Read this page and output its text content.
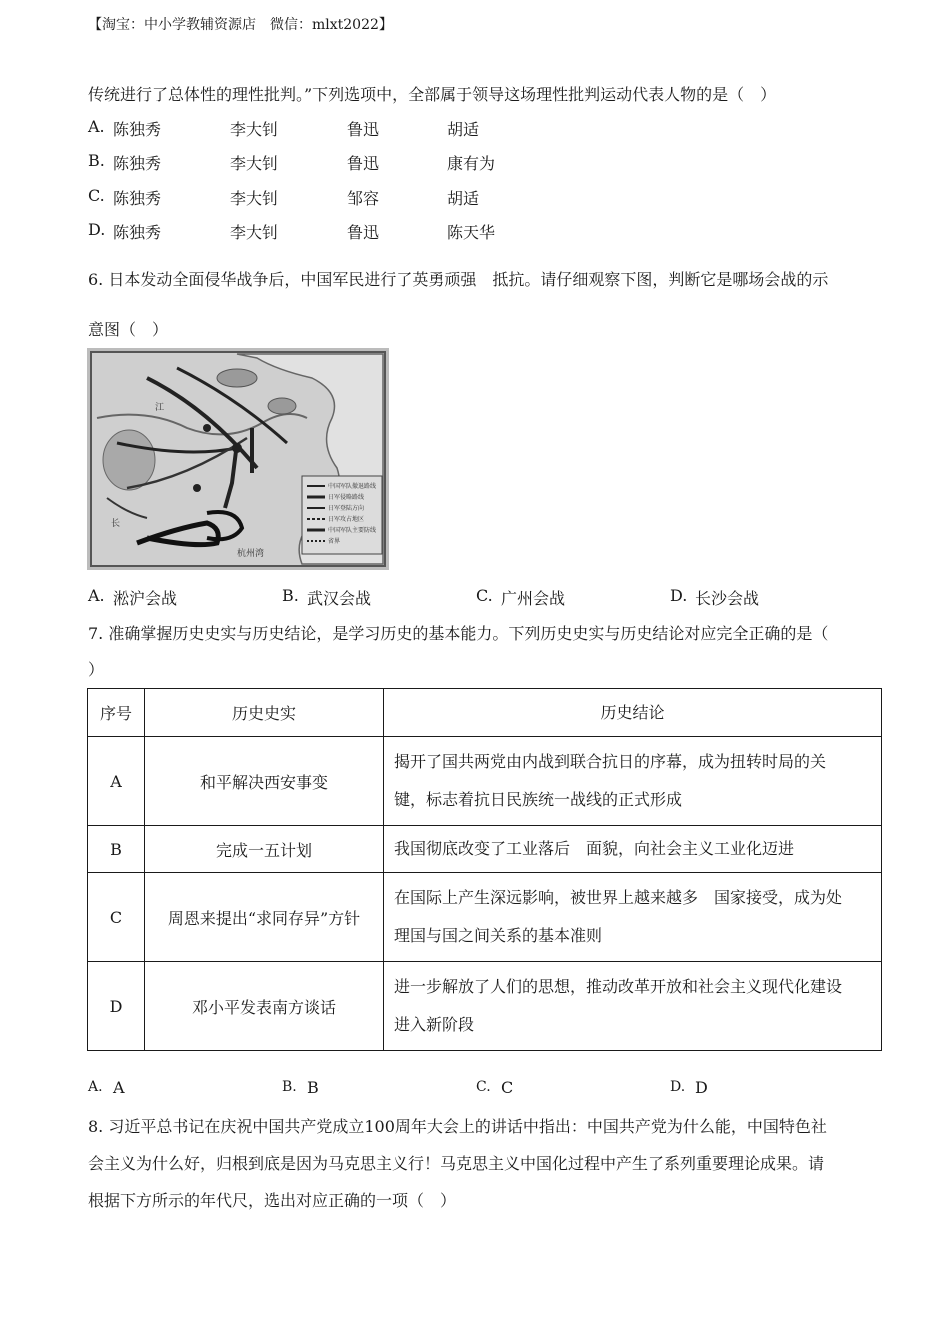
【淘宝：中小学教辅资源店　微信：mlxt2022】
传统进行了总体性的理性批判。”下列选项中，全部属于领导这场理性批判运动代表人物的是（　）
A. 陈独秀	李大钊	鲁迅	胡适
B. 陈独秀	李大钊	鲁迅	康有为
C. 陈独秀	李大钊	邹容	胡适
D. 陈独秀	李大钊	鲁迅	陈天华
6. 日本发动全面侵华战争后，中国军民进行了英勇顽强　抵抗。请仔细观察下图，判断它是哪场会战的示
意图（　）
中国军队撤退路线
日军侵略路线
日军登陆方向
日军攻占地区
中国军队主要防线
省界
江
长
杭州湾
A. 淞沪会战	B. 武汉会战	C. 广州会战	D. 长沙会战
7. 准确掌握历史史实与历史结论，是学习历史的基本能力。下列历史史实与历史结论对应完全正确的是（
）
序号	历史史实	历史结论
A	和平解决西安事变	揭开了国共两党由内战到联合抗日的序幕，成为扭转时局的关
键，标志着抗日民族统一战线的正式形成

B	完成一五计划	我国彻底改变了工业落后　面貌，向社会主义工业化迈进

C	周恩来提出“求同存异”方针	在国际上产生深远影响，被世界上越来越多　国家接受，成为处
理国与国之间关系的基本准则

D	邓小平发表南方谈话	进一步解放了人们的思想，推动改革开放和社会主义现代化建设
进入新阶段
A. A	B. B	C. C	D. D
8. 习近平总书记在庆祝中国共产党成立100周年大会上的讲话中指出：中国共产党为什么能，中国特色社
会主义为什么好，归根到底是因为马克思主义行！马克思主义中国化过程中产生了系列重要理论成果。请
根据下方所示的年代尺，选出对应正确的一项（　）
